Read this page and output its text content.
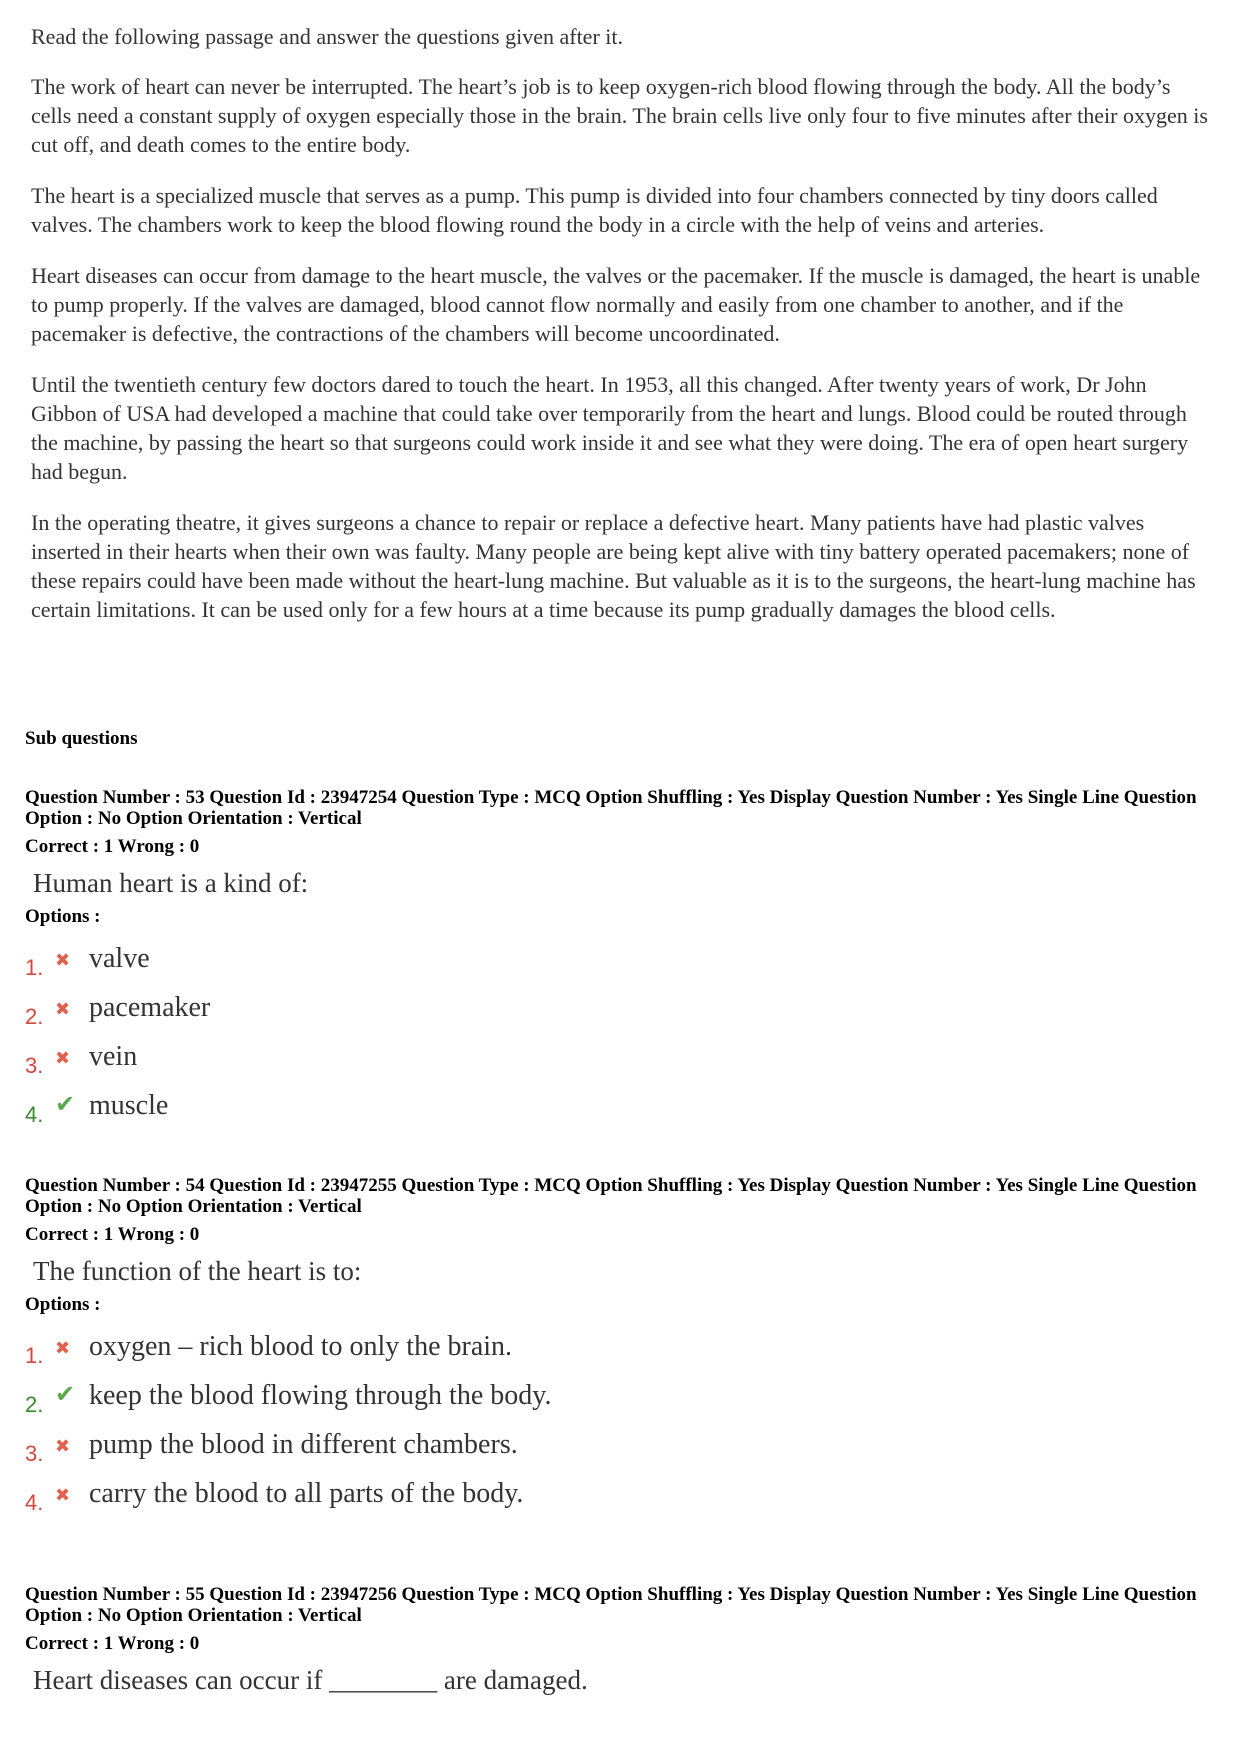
Read the following passage and answer the questions given after it.

The work of heart can never be interrupted. The heart’s job is to keep oxygen-rich blood flowing through the body. All the body’s cells need a constant supply of oxygen especially those in the brain. The brain cells live only four to five minutes after their oxygen is cut off, and death comes to the entire body.

The heart is a specialized muscle that serves as a pump. This pump is divided into four chambers connected by tiny doors called valves. The chambers work to keep the blood flowing round the body in a circle with the help of veins and arteries.

Heart diseases can occur from damage to the heart muscle, the valves or the pacemaker. If the muscle is damaged, the heart is unable to pump properly. If the valves are damaged, blood cannot flow normally and easily from one chamber to another, and if the pacemaker is defective, the contractions of the chambers will become uncoordinated.

Until the twentieth century few doctors dared to touch the heart. In 1953, all this changed. After twenty years of work, Dr John Gibbon of USA had developed a machine that could take over temporarily from the heart and lungs. Blood could be routed through the machine, by passing the heart so that surgeons could work inside it and see what they were doing. The era of open heart surgery had begun.

In the operating theatre, it gives surgeons a chance to repair or replace a defective heart. Many patients have had plastic valves inserted in their hearts when their own was faulty. Many people are being kept alive with tiny battery operated pacemakers; none of these repairs could have been made without the heart-lung machine. But valuable as it is to the surgeons, the heart-lung machine has certain limitations. It can be used only for a few hours at a time because its pump gradually damages the blood cells.

Sub questions
Question Number : 53 Question Id : 23947254 Question Type : MCQ Option Shuffling : Yes Display Question Number : Yes Single Line Question Option : No Option Orientation : Vertical
Correct : 1 Wrong : 0
Human heart is a kind of:
Options :
1. ✖ valve
2. ✖ pacemaker
3. ✖ vein
4. ✔ muscle
Question Number : 54 Question Id : 23947255 Question Type : MCQ Option Shuffling : Yes Display Question Number : Yes Single Line Question Option : No Option Orientation : Vertical
Correct : 1 Wrong : 0
The function of the heart is to:
Options :
1. ✖ oxygen – rich blood to only the brain.
2. ✔ keep the blood flowing through the body.
3. ✖ pump the blood in different chambers.
4. ✖ carry the blood to all parts of the body.
Question Number : 55 Question Id : 23947256 Question Type : MCQ Option Shuffling : Yes Display Question Number : Yes Single Line Question Option : No Option Orientation : Vertical
Correct : 1 Wrong : 0
Heart diseases can occur if ________ are damaged.
